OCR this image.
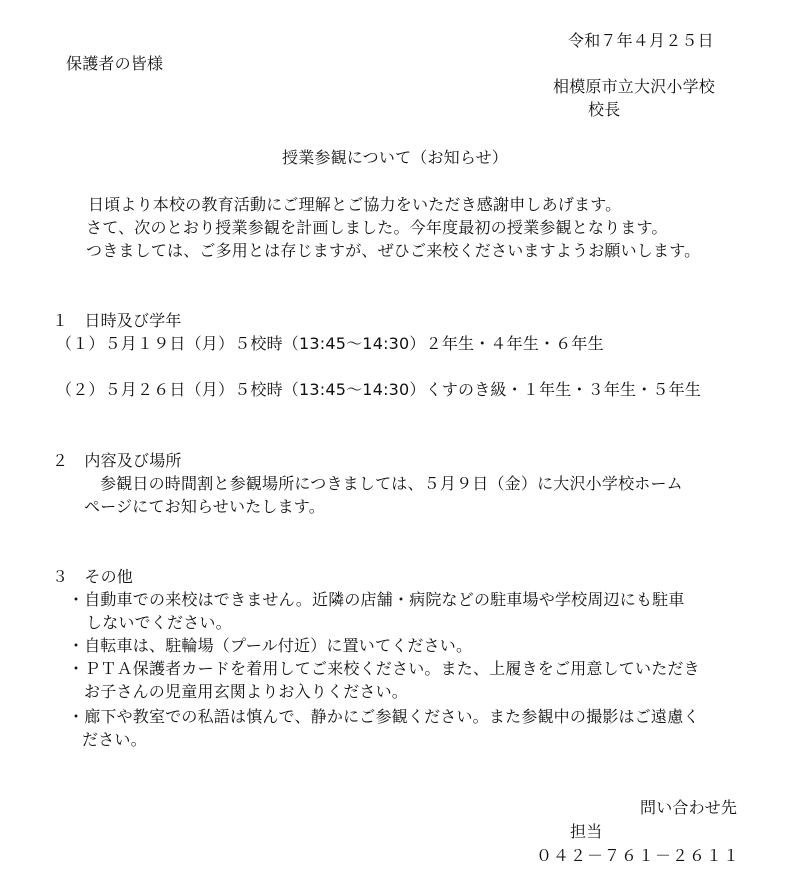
令和７年４月２５日

保護者の皆様

相模原市立大沢小学校

校長

授業参観について（お知らせ）

日頃より本校の教育活動にご理解とご協力をいただき感謝申しあげます。

さて、次のとおり授業参観を計画しました。今年度最初の授業参観となります。

つきましては、ご多用とは存じますが、ぜひご来校くださいますようお願いします。

１　日時及び学年

（１）５月１９日（月）５校時（13:45～14:30）２年生・４年生・６年生

（２）５月２６日（月）５校時（13:45～14:30）くすのき級・１年生・３年生・５年生

２　内容及び場所

参観日の時間割と参観場所につきましては、５月９日（金）に大沢小学校ホーム

ページにてお知らせいたします。

３　その他

・自動車での来校はできません。近隣の店舗・病院などの駐車場や学校周辺にも駐車

しないでください。

・自転車は、駐輪場（プール付近）に置いてください。

・ＰＴＡ保護者カードを着用してご来校ください。また、上履きをご用意していただき

お子さんの児童用玄関よりお入りください。

・廊下や教室での私語は慎んで、静かにご参観ください。また参観中の撮影はご遠慮く

ださい。

問い合わせ先

担当

０４２－７６１－２６１１
